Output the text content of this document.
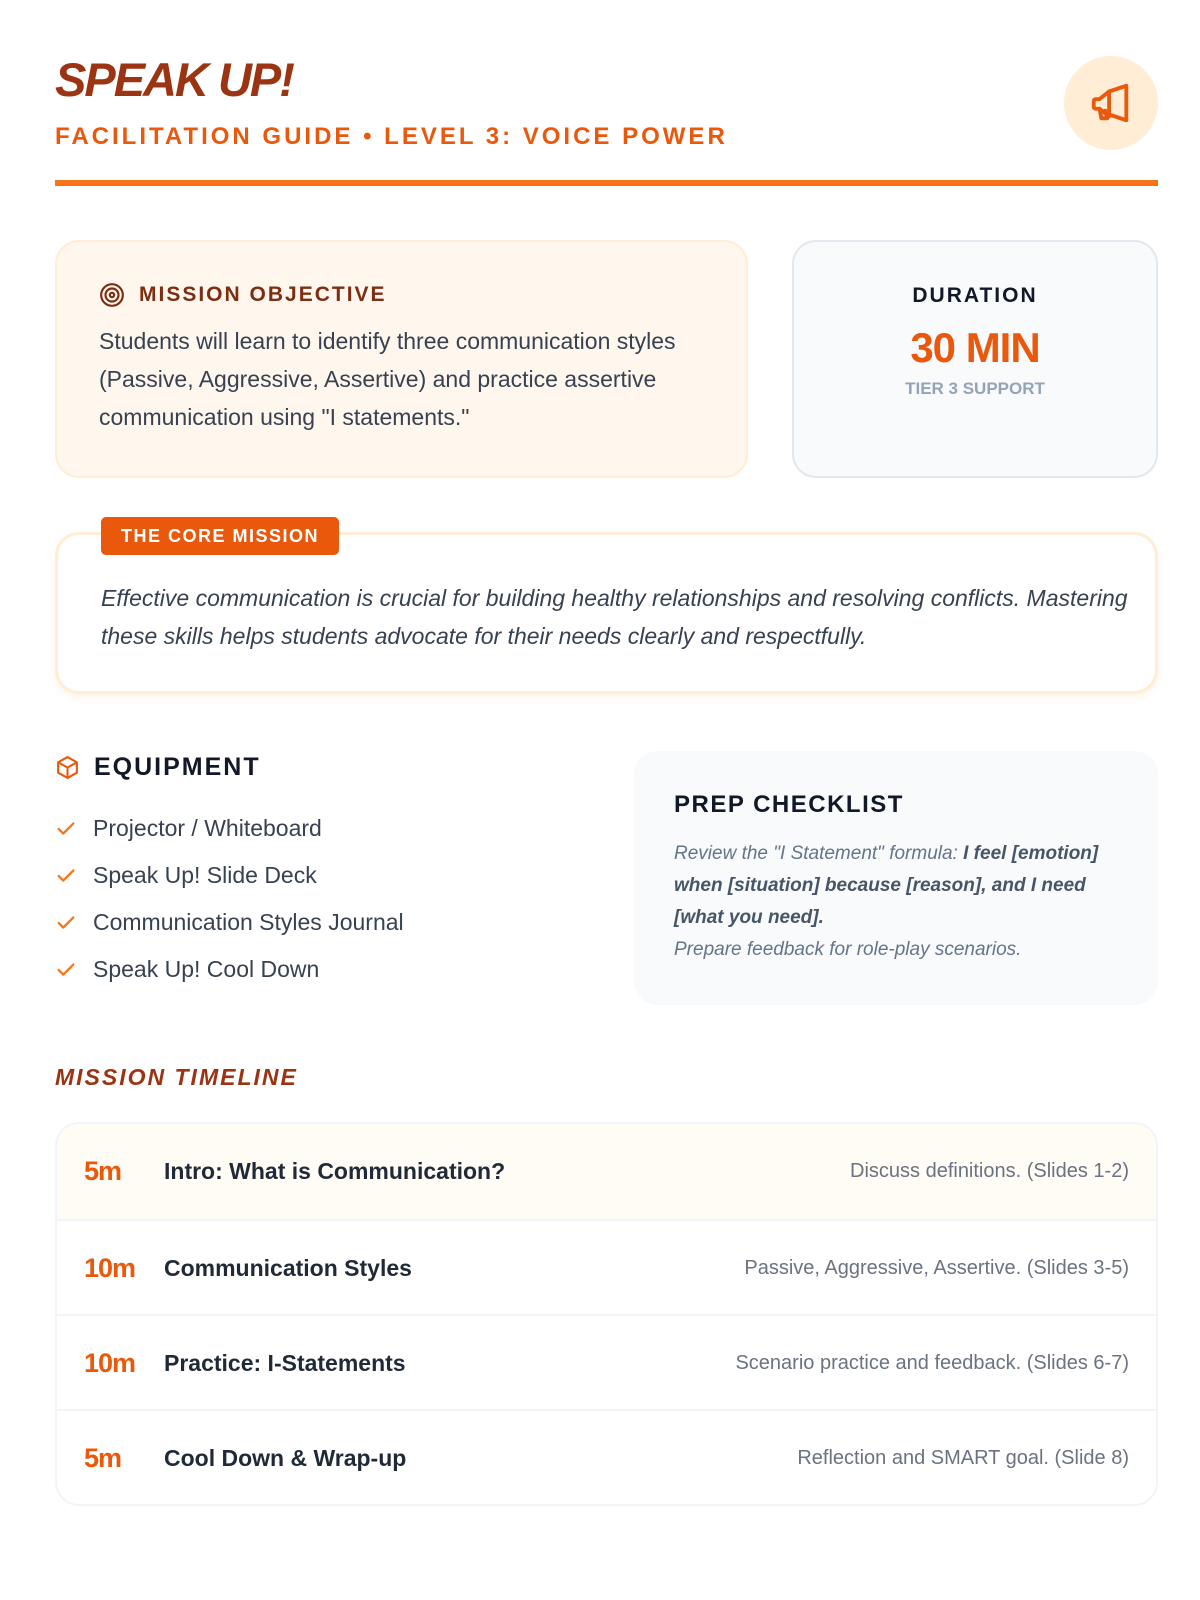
SPEAK UP!
FACILITATION GUIDE • LEVEL 3: VOICE POWER
MISSION OBJECTIVE
Students will learn to identify three communication styles (Passive, Aggressive, Assertive) and practice assertive communication using "I statements."
DURATION
30 MIN
TIER 3 SUPPORT
THE CORE MISSION
Effective communication is crucial for building healthy relationships and resolving conflicts. Mastering these skills helps students advocate for their needs clearly and respectfully.
EQUIPMENT
Projector / Whiteboard
Speak Up! Slide Deck
Communication Styles Journal
Speak Up! Cool Down
PREP CHECKLIST
Review the "I Statement" formula: I feel [emotion] when [situation] because [reason], and I need [what you need].
Prepare feedback for role-play scenarios.
MISSION TIMELINE
5m Intro: What is Communication?	Discuss definitions. (Slides 1-2)
10m Communication Styles	Passive, Aggressive, Assertive. (Slides 3-5)
10m Practice: I-Statements	Scenario practice and feedback. (Slides 6-7)
5m Cool Down & Wrap-up	Reflection and SMART goal. (Slide 8)
